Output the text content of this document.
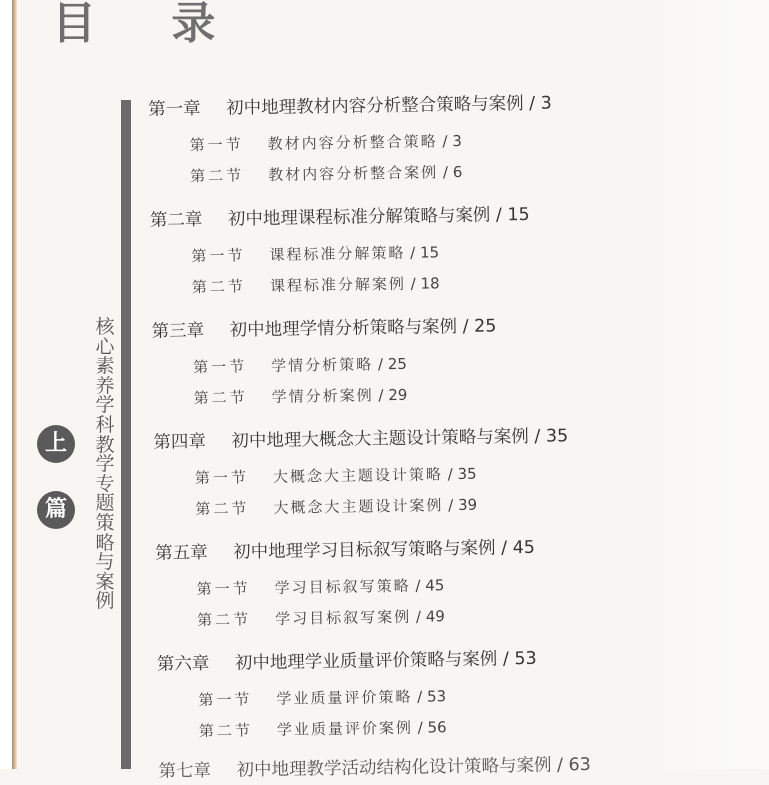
目 录
核心素养学科教学专题策略与案例
上
篇
第一章 初中地理教材内容分析整合策略与案例 / 3
第一节 教材内容分析整合策略 / 3
第二节 教材内容分析整合案例 / 6
第二章 初中地理课程标准分解策略与案例 / 15
第一节 课程标准分解策略 / 15
第二节 课程标准分解案例 / 18
第三章 初中地理学情分析策略与案例 / 25
第一节 学情分析策略 / 25
第二节 学情分析案例 / 29
第四章 初中地理大概念大主题设计策略与案例 / 35
第一节 大概念大主题设计策略 / 35
第二节 大概念大主题设计案例 / 39
第五章 初中地理学习目标叙写策略与案例 / 45
第一节 学习目标叙写策略 / 45
第二节 学习目标叙写案例 / 49
第六章 初中地理学业质量评价策略与案例 / 53
第一节 学业质量评价策略 / 53
第二节 学业质量评价案例 / 56
第七章 初中地理教学活动结构化设计策略与案例 / 63
